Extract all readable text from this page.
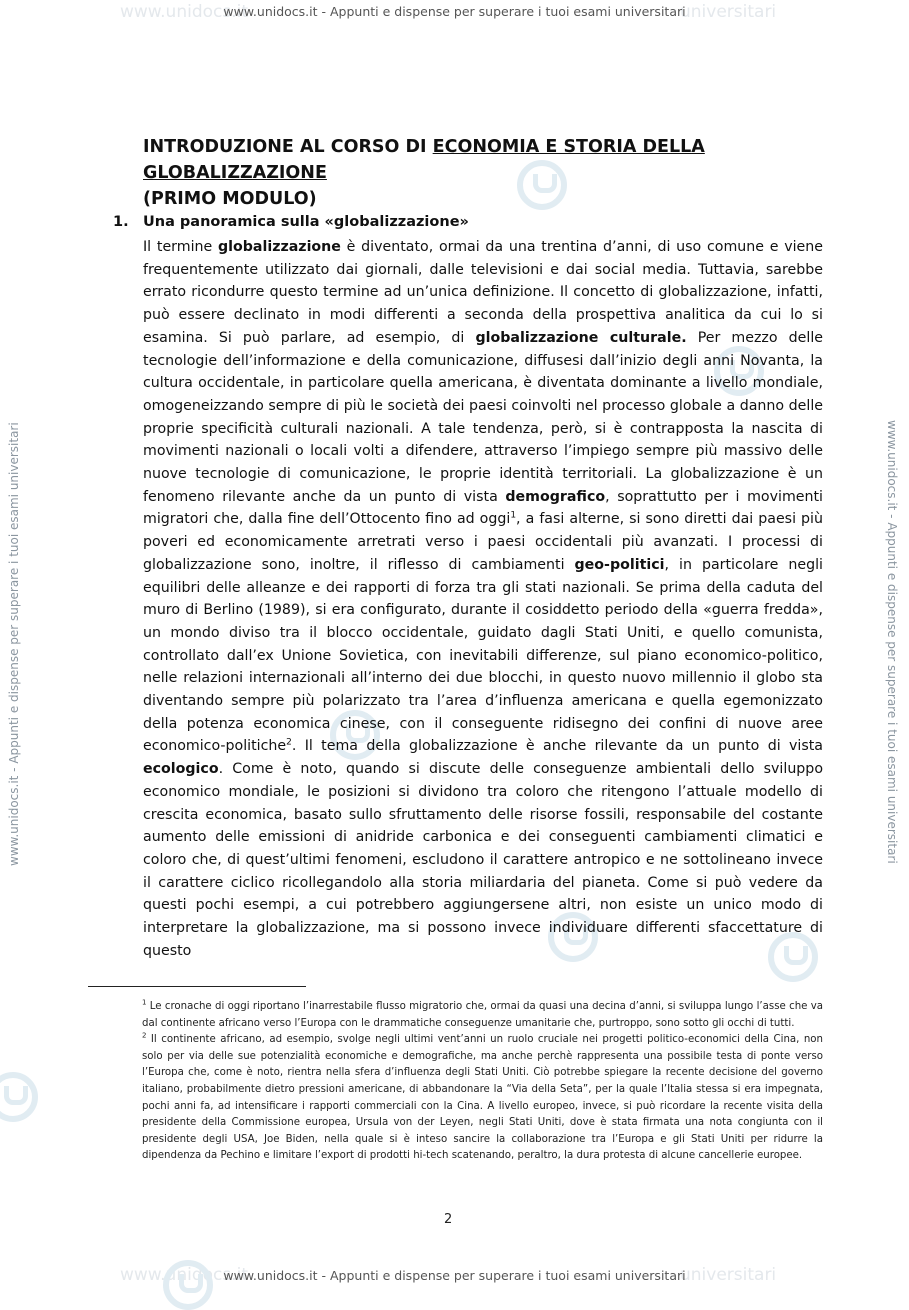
www.unidocs.it	universitari
www.unidocs.it	universitari
www.unidocs.it - Appunti e dispense per superare i tuoi esami universitari
www.unidocs.it - Appunti e dispense per superare i tuoi esami universitari
www.unidocs.it - Appunti e dispense per superare i tuoi esami universitari	www.unidocs.it - Appunti e dispense per superare i tuoi esami universitari

INTRODUZIONE AL CORSO DI ECONOMIA E STORIA DELLA GLOBALIZZAZIONE
(PRIMO MODULO)

1. Una panoramica sulla «globalizzazione»

Il termine globalizzazione è diventato, ormai da una trentina d’anni, di uso comune e viene frequentemente utilizzato dai giornali, dalle televisioni e dai social media. Tuttavia, sarebbe errato ricondurre questo termine ad un’unica definizione. Il concetto di globalizzazione, infatti, può essere declinato in modi differenti a seconda della prospettiva analitica da cui lo si esamina. Si può parlare, ad esempio, di globalizzazione culturale. Per mezzo delle tecnologie dell’informazione e della comunicazione, diffusesi dall’inizio degli anni Novanta, la cultura occidentale, in particolare quella americana, è diventata dominante a livello mondiale, omogeneizzando sempre di più le società dei paesi coinvolti nel processo globale a danno delle proprie specificità culturali nazionali. A tale tendenza, però, si è contrapposta la nascita di movimenti nazionali o locali volti a difendere, attraverso l’impiego sempre più massivo delle nuove tecnologie di comunicazione, le proprie identità territoriali. La globalizzazione è un fenomeno rilevante anche da un punto di vista demografico, soprattutto per i movimenti migratori che, dalla fine dell’Ottocento fino ad oggi$^1$, a fasi alterne, si sono diretti dai paesi più poveri ed economicamente arretrati verso i paesi occidentali più avanzati. I processi di globalizzazione sono, inoltre, il riflesso di cambiamenti geo-politici, in particolare negli equilibri delle alleanze e dei rapporti di forza tra gli stati nazionali. Se prima della caduta del muro di Berlino (1989), si era configurato, durante il cosiddetto periodo della «guerra fredda», un mondo diviso tra il blocco occidentale, guidato dagli Stati Uniti, e quello comunista, controllato dall’ex Unione Sovietica, con inevitabili differenze, sul piano economico-politico, nelle relazioni internazionali all’interno dei due blocchi, in questo nuovo millennio il globo sta diventando sempre più polarizzato tra l’area d’influenza americana e quella egemonizzato della potenza economica cinese, con il conseguente ridisegno dei confini di nuove aree economico-politiche$^2$. Il tema della globalizzazione è anche rilevante da un punto di vista ecologico. Come è noto, quando si discute delle conseguenze ambientali dello sviluppo economico mondiale, le posizioni si dividono tra coloro che ritengono l’attuale modello di crescita economica, basato sullo sfruttamento delle risorse fossili, responsabile del costante aumento delle emissioni di anidride carbonica e dei conseguenti cambiamenti climatici e coloro che, di quest’ultimi fenomeni, escludono il carattere antropico e ne sottolineano invece il carattere ciclico ricollegandolo alla storia miliardaria del pianeta. Come si può vedere da questi pochi esempi, a cui potrebbero aggiungersene altri, non esiste un unico modo di interpretare la globalizzazione, ma si possono invece individuare differenti sfaccettature di questo

$^1$ Le cronache di oggi riportano l’inarrestabile flusso migratorio che, ormai da quasi una decina d’anni, si sviluppa lungo l’asse che va dal continente africano verso l’Europa con le drammatiche conseguenze umanitarie che, purtroppo, sono sotto gli occhi di tutti.

$^2$ Il continente africano, ad esempio, svolge negli ultimi vent’anni un ruolo cruciale nei progetti politico-economici della Cina, non solo per via delle sue potenzialità economiche e demografiche, ma anche perchè rappresenta una possibile testa di ponte verso l’Europa che, come è noto, rientra nella sfera d’influenza degli Stati Uniti. Ciò potrebbe spiegare la recente decisione del governo italiano, probabilmente dietro pressioni americane, di abbandonare la “Via della Seta”, per la quale l’Italia stessa si era impegnata, pochi anni fa, ad intensificare i rapporti commerciali con la Cina. A livello europeo, invece, si può ricordare la recente visita della presidente della Commissione europea, Ursula von der Leyen, negli Stati Uniti, dove è stata firmata una nota congiunta con il presidente degli USA, Joe Biden, nella quale si è inteso sancire la collaborazione tra l’Europa e gli Stati Uniti per ridurre la dipendenza da Pechino e limitare l’export di prodotti hi-tech scatenando, peraltro, la dura protesta di alcune cancellerie europee.

2
